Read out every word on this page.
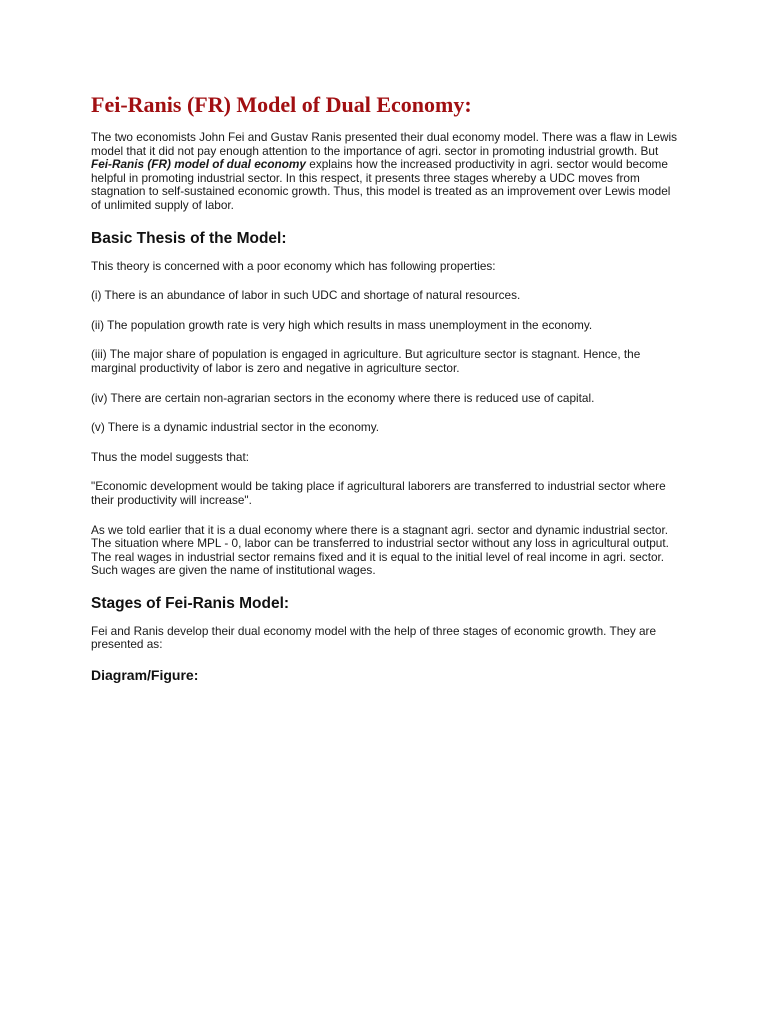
Fei-Ranis (FR) Model of Dual Economy:

The two economists John Fei and Gustav Ranis presented their dual economy model. There was a flaw in Lewis model that it did not pay enough attention to the importance of agri. sector in promoting industrial growth. But Fei-Ranis (FR) model of dual economy explains how the increased productivity in agri. sector would become helpful in promoting industrial sector. In this respect, it presents three stages whereby a UDC moves from stagnation to self-sustained economic growth. Thus, this model is treated as an improvement over Lewis model of unlimited supply of labor.

Basic Thesis of the Model:

This theory is concerned with a poor economy which has following properties:

(i) There is an abundance of labor in such UDC and shortage of natural resources.

(ii) The population growth rate is very high which results in mass unemployment in the economy.

(iii) The major share of population is engaged in agriculture. But agriculture sector is stagnant. Hence, the marginal productivity of labor is zero and negative in agriculture sector.

(iv) There are certain non-agrarian sectors in the economy where there is reduced use of capital.

(v) There is a dynamic industrial sector in the economy.

Thus the model suggests that:

"Economic development would be taking place if agricultural laborers are transferred to industrial sector where their productivity will increase".

As we told earlier that it is a dual economy where there is a stagnant agri. sector and dynamic industrial sector. The situation where MPL - 0, labor can be transferred to industrial sector without any loss in agricultural output. The real wages in industrial sector remains fixed and it is equal to the initial level of real income in agri. sector. Such wages are given the name of institutional wages.

Stages of Fei-Ranis Model:

Fei and Ranis develop their dual economy model with the help of three stages of economic growth. They are presented as:

Diagram/Figure:
